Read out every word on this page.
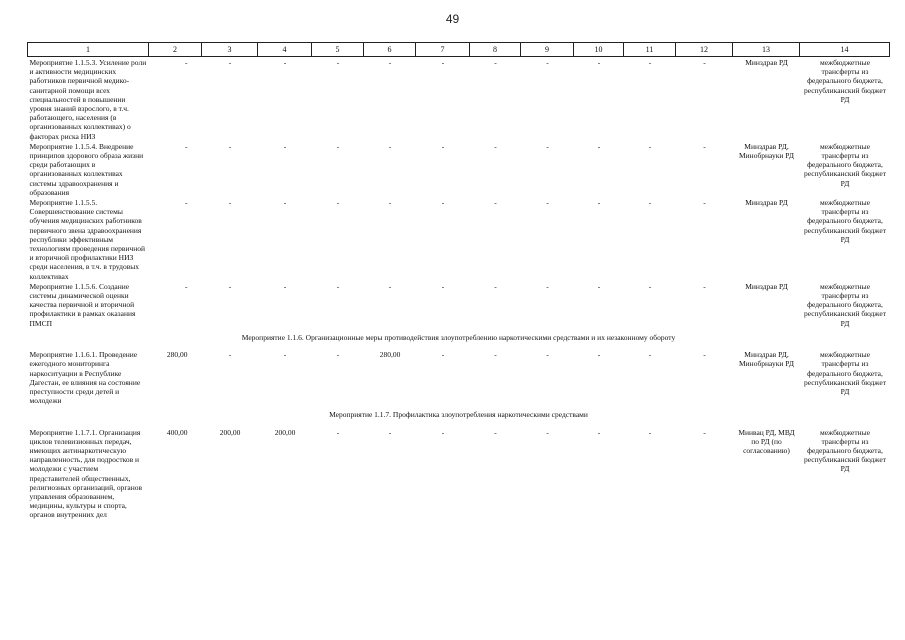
49
1	2	3	4	5	6	7	8	9	10	11	12	13	14
Мероприятие 1.1.5.3. Усиление роли и активности медицинских работников первичной медико-санитарной помощи всех специальностей в повышении уровня знаний взрослого, в т.ч. работающего, населения (в организованных коллективах) о факторах риска НИЗ	-	-	-	-	-	-	-	-	-	-	-	Минздрав РД	межбюджетные трансферты из федерального бюджета, республиканский бюджет РД
Мероприятие 1.1.5.4. Внедрение принципов здорового образа жизни среди работающих в организованных коллективах системы здравоохранения и образования	-	-	-	-	-	-	-	-	-	-	-	Минздрав РД, Минобрнауки РД	межбюджетные трансферты из федерального бюджета, республиканский бюджет РД
Мероприятие 1.1.5.5. Совершенствование системы обучения медицинских работников первичного звена здравоохранения республики эффективным технологиям проведения первичной и вторичной профилактики НИЗ среди населения, в т.ч. в трудовых коллективах	-	-	-	-	-	-	-	-	-	-	-	Минздрав РД	межбюджетные трансферты из федерального бюджета, республиканский бюджет РД
Мероприятие 1.1.5.6. Создание системы динамической оценки качества первичной и вторичной профилактики в рамках оказания ПМСП	-	-	-	-	-	-	-	-	-	-	-	Минздрав РД	межбюджетные трансферты из федерального бюджета, республиканский бюджет РД
Мероприятие 1.1.6. Организационные меры противодействия злоупотреблению наркотическими средствами и их незаконному обороту													
Мероприятие 1.1.6.1. Проведение ежегодного мониторинга наркоситуации в Республике Дагестан, ее влияния на состояние преступности среди детей и молодежи	280,00	-	-	-	280,00	-	-	-	-	-	-	Минздрав РД, Минобрнауки РД	межбюджетные трансферты из федерального бюджета, республиканский бюджет РД
Мероприятие 1.1.7. Профилактика злоупотребления наркотическими средствами													
Мероприятие 1.1.7.1. Организация циклов телевизионных передач, имеющих антинаркотическую направленность, для подростков и молодежи с участием представителей общественных, религиозных организаций, органов управления образованием, медицины, культуры и спорта, органов внутренних дел	400,00	200,00	200,00	-	-	-	-	-	-	-	-	Минвац РД, МВД по РД (по согласованию)	межбюджетные трансферты из федерального бюджета, республиканский бюджет РД
